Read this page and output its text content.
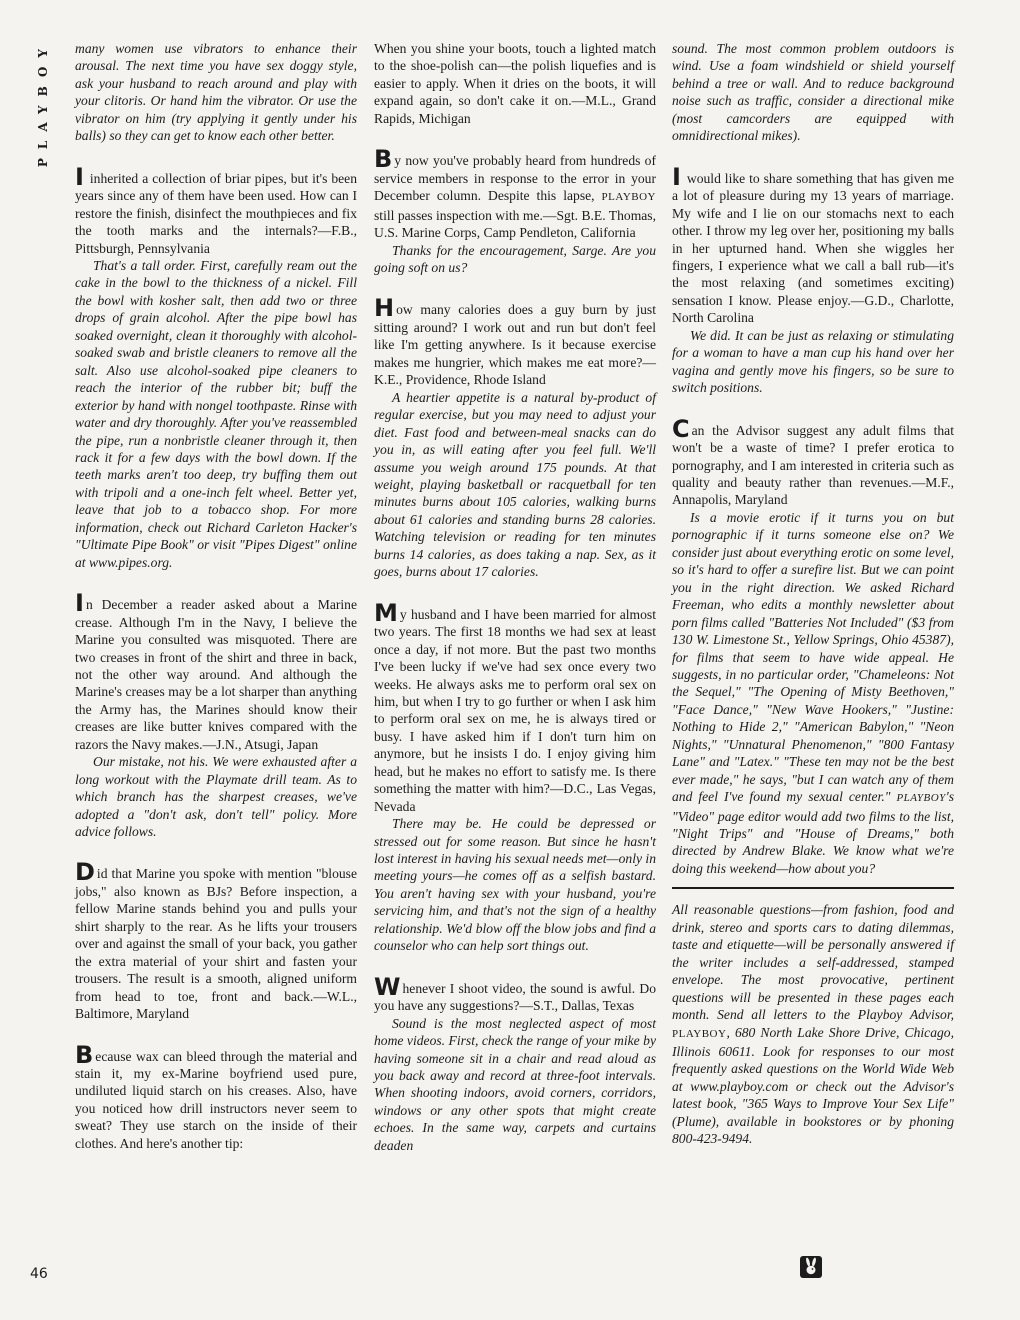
PLAYBOY
46

many women use vibrators to enhance their arousal. The next time you have sex doggy style, ask your husband to reach around and play with your clitoris. Or hand him the vibrator. Or use the vibrator on him (try applying it gently under his balls) so they can get to know each other better.

I inherited a collection of briar pipes, but it's been years since any of them have been used. How can I restore the finish, disinfect the mouthpieces and fix the tooth marks and the internals?—F.B., Pittsburgh, Pennsylvania

That's a tall order. First, carefully ream out the cake in the bowl to the thickness of a nickel. Fill the bowl with kosher salt, then add two or three drops of grain alcohol. After the pipe bowl has soaked overnight, clean it thoroughly with alcohol-soaked swab and bristle cleaners to remove all the salt. Also use alcohol-soaked pipe cleaners to reach the interior of the rubber bit; buff the exterior by hand with nongel toothpaste. Rinse with water and dry thoroughly. After you've reassembled the pipe, run a nonbristle cleaner through it, then rack it for a few days with the bowl down. If the teeth marks aren't too deep, try buffing them out with tripoli and a one-inch felt wheel. Better yet, leave that job to a tobacco shop. For more information, check out Richard Carleton Hacker's "Ultimate Pipe Book" or visit "Pipes Digest" online at www.pipes.org.

In December a reader asked about a Marine crease. Although I'm in the Navy, I believe the Marine you consulted was misquoted. There are two creases in front of the shirt and three in back, not the other way around. And although the Marine's creases may be a lot sharper than anything the Army has, the Marines should know their creases are like butter knives compared with the razors the Navy makes.—J.N., Atsugi, Japan

Our mistake, not his. We were exhausted after a long workout with the Playmate drill team. As to which branch has the sharpest creases, we've adopted a "don't ask, don't tell" policy. More advice follows.

Did that Marine you spoke with mention "blouse jobs," also known as BJs? Before inspection, a fellow Marine stands behind you and pulls your shirt sharply to the rear. As he lifts your trousers over and against the small of your back, you gather the extra material of your shirt and fasten your trousers. The result is a smooth, aligned uniform from head to toe, front and back.—W.L., Baltimore, Maryland

Because wax can bleed through the material and stain it, my ex-Marine boyfriend used pure, undiluted liquid starch on his creases. Also, have you noticed how drill instructors never seem to sweat? They use starch on the inside of their clothes. And here's another tip:

When you shine your boots, touch a lighted match to the shoe-polish can—the polish liquefies and is easier to apply. When it dries on the boots, it will expand again, so don't cake it on.—M.L., Grand Rapids, Michigan

By now you've probably heard from hundreds of service members in response to the error in your December column. Despite this lapse, PLAYBOY still passes inspection with me.—Sgt. B.E. Thomas, U.S. Marine Corps, Camp Pendleton, California

Thanks for the encouragement, Sarge. Are you going soft on us?

How many calories does a guy burn by just sitting around? I work out and run but don't feel like I'm getting anywhere. Is it because exercise makes me hungrier, which makes me eat more?—K.E., Providence, Rhode Island

A heartier appetite is a natural by-product of regular exercise, but you may need to adjust your diet. Fast food and between-meal snacks can do you in, as will eating after you feel full. We'll assume you weigh around 175 pounds. At that weight, playing basketball or racquetball for ten minutes burns about 105 calories, walking burns about 61 calories and standing burns 28 calories. Watching television or reading for ten minutes burns 14 calories, as does taking a nap. Sex, as it goes, burns about 17 calories.

My husband and I have been married for almost two years. The first 18 months we had sex at least once a day, if not more. But the past two months I've been lucky if we've had sex once every two weeks. He always asks me to perform oral sex on him, but when I try to go further or when I ask him to perform oral sex on me, he is always tired or busy. I have asked him if I don't turn him on anymore, but he insists I do. I enjoy giving him head, but he makes no effort to satisfy me. Is there something the matter with him?—D.C., Las Vegas, Nevada

There may be. He could be depressed or stressed out for some reason. But since he hasn't lost interest in having his sexual needs met—only in meeting yours—he comes off as a selfish bastard. You aren't having sex with your husband, you're servicing him, and that's not the sign of a healthy relationship. We'd blow off the blow jobs and find a counselor who can help sort things out.

Whenever I shoot video, the sound is awful. Do you have any suggestions?—S.T., Dallas, Texas

Sound is the most neglected aspect of most home videos. First, check the range of your mike by having someone sit in a chair and read aloud as you back away and record at three-foot intervals. When shooting indoors, avoid corners, corridors, windows or any other spots that might create echoes. In the same way, carpets and curtains deaden

sound. The most common problem outdoors is wind. Use a foam windshield or shield yourself behind a tree or wall. And to reduce background noise such as traffic, consider a directional mike (most camcorders are equipped with omnidirectional mikes).

I would like to share something that has given me a lot of pleasure during my 13 years of marriage. My wife and I lie on our stomachs next to each other. I throw my leg over her, positioning my balls in her upturned hand. When she wiggles her fingers, I experience what we call a ball rub—it's the most relaxing (and sometimes exciting) sensation I know. Please enjoy.—G.D., Charlotte, North Carolina

We did. It can be just as relaxing or stimulating for a woman to have a man cup his hand over her vagina and gently move his fingers, so be sure to switch positions.

Can the Advisor suggest any adult films that won't be a waste of time? I prefer erotica to pornography, and I am interested in criteria such as quality and beauty rather than revenues.—M.F., Annapolis, Maryland

Is a movie erotic if it turns you on but pornographic if it turns someone else on? We consider just about everything erotic on some level, so it's hard to offer a surefire list. But we can point you in the right direction. We asked Richard Freeman, who edits a monthly newsletter about porn films called "Batteries Not Included" ($3 from 130 W. Limestone St., Yellow Springs, Ohio 45387), for films that seem to have wide appeal. He suggests, in no particular order, "Chameleons: Not the Sequel," "The Opening of Misty Beethoven," "Face Dance," "New Wave Hookers," "Justine: Nothing to Hide 2," "American Babylon," "Neon Nights," "Unnatural Phenomenon," "800 Fantasy Lane" and "Latex." "These ten may not be the best ever made," he says, "but I can watch any of them and feel I've found my sexual center." PLAYBOY's "Video" page editor would add two films to the list, "Night Trips" and "House of Dreams," both directed by Andrew Blake. We know what we're doing this weekend—how about you?

All reasonable questions—from fashion, food and drink, stereo and sports cars to dating dilemmas, taste and etiquette—will be personally answered if the writer includes a self-addressed, stamped envelope. The most provocative, pertinent questions will be presented in these pages each month. Send all letters to the Playboy Advisor, PLAYBOY, 680 North Lake Shore Drive, Chicago, Illinois 60611. Look for responses to our most frequently asked questions on the World Wide Web at www.playboy.com or check out the Advisor's latest book, "365 Ways to Improve Your Sex Life" (Plume), available in bookstores or by phoning 800-423-9494.
